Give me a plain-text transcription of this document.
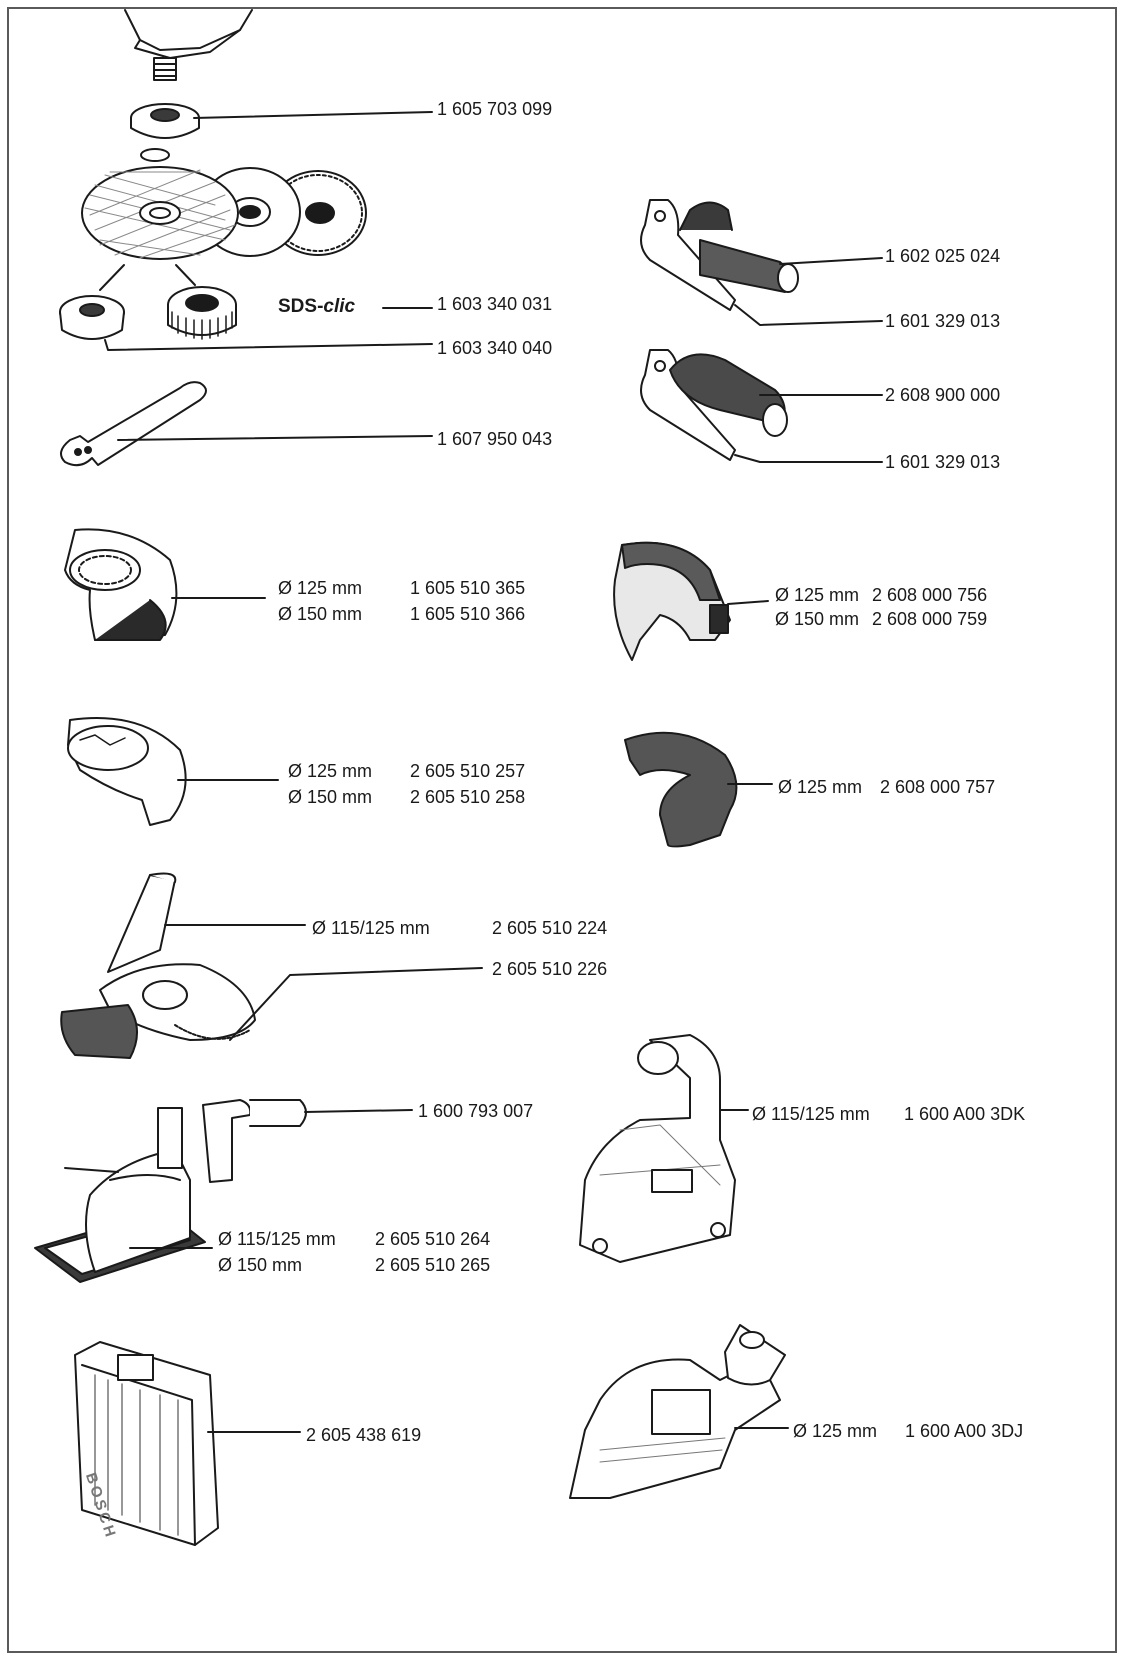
1 605 703 099
1 602 025 024
SDS-clic	1 603 340 031
1 601 329 013
1 603 340 040
2 608 900 000
1 607 950 043
1 601 329 013
Ø 125 mm	1 605 510 365
Ø 150 mm	1 605 510 366
Ø 125 mm 2 608 000 756
Ø 150 mm 2 608 000 759
Ø 125 mm 2 605 510 257
Ø 150 mm 2 605 510 258	Ø 125 mm 2 608 000 757
Ø 115/125 mm	2 605 510 224
2 605 510 226
1 600 793 007	Ø 115/125 mm 1 600 A00 3DK
Ø 115/125 mm 2 605 510 264
Ø 150 mm	2 605 510 265
Ø 125 mm 1 600 A00 3DJ
2 605 438 619
BOSCH
